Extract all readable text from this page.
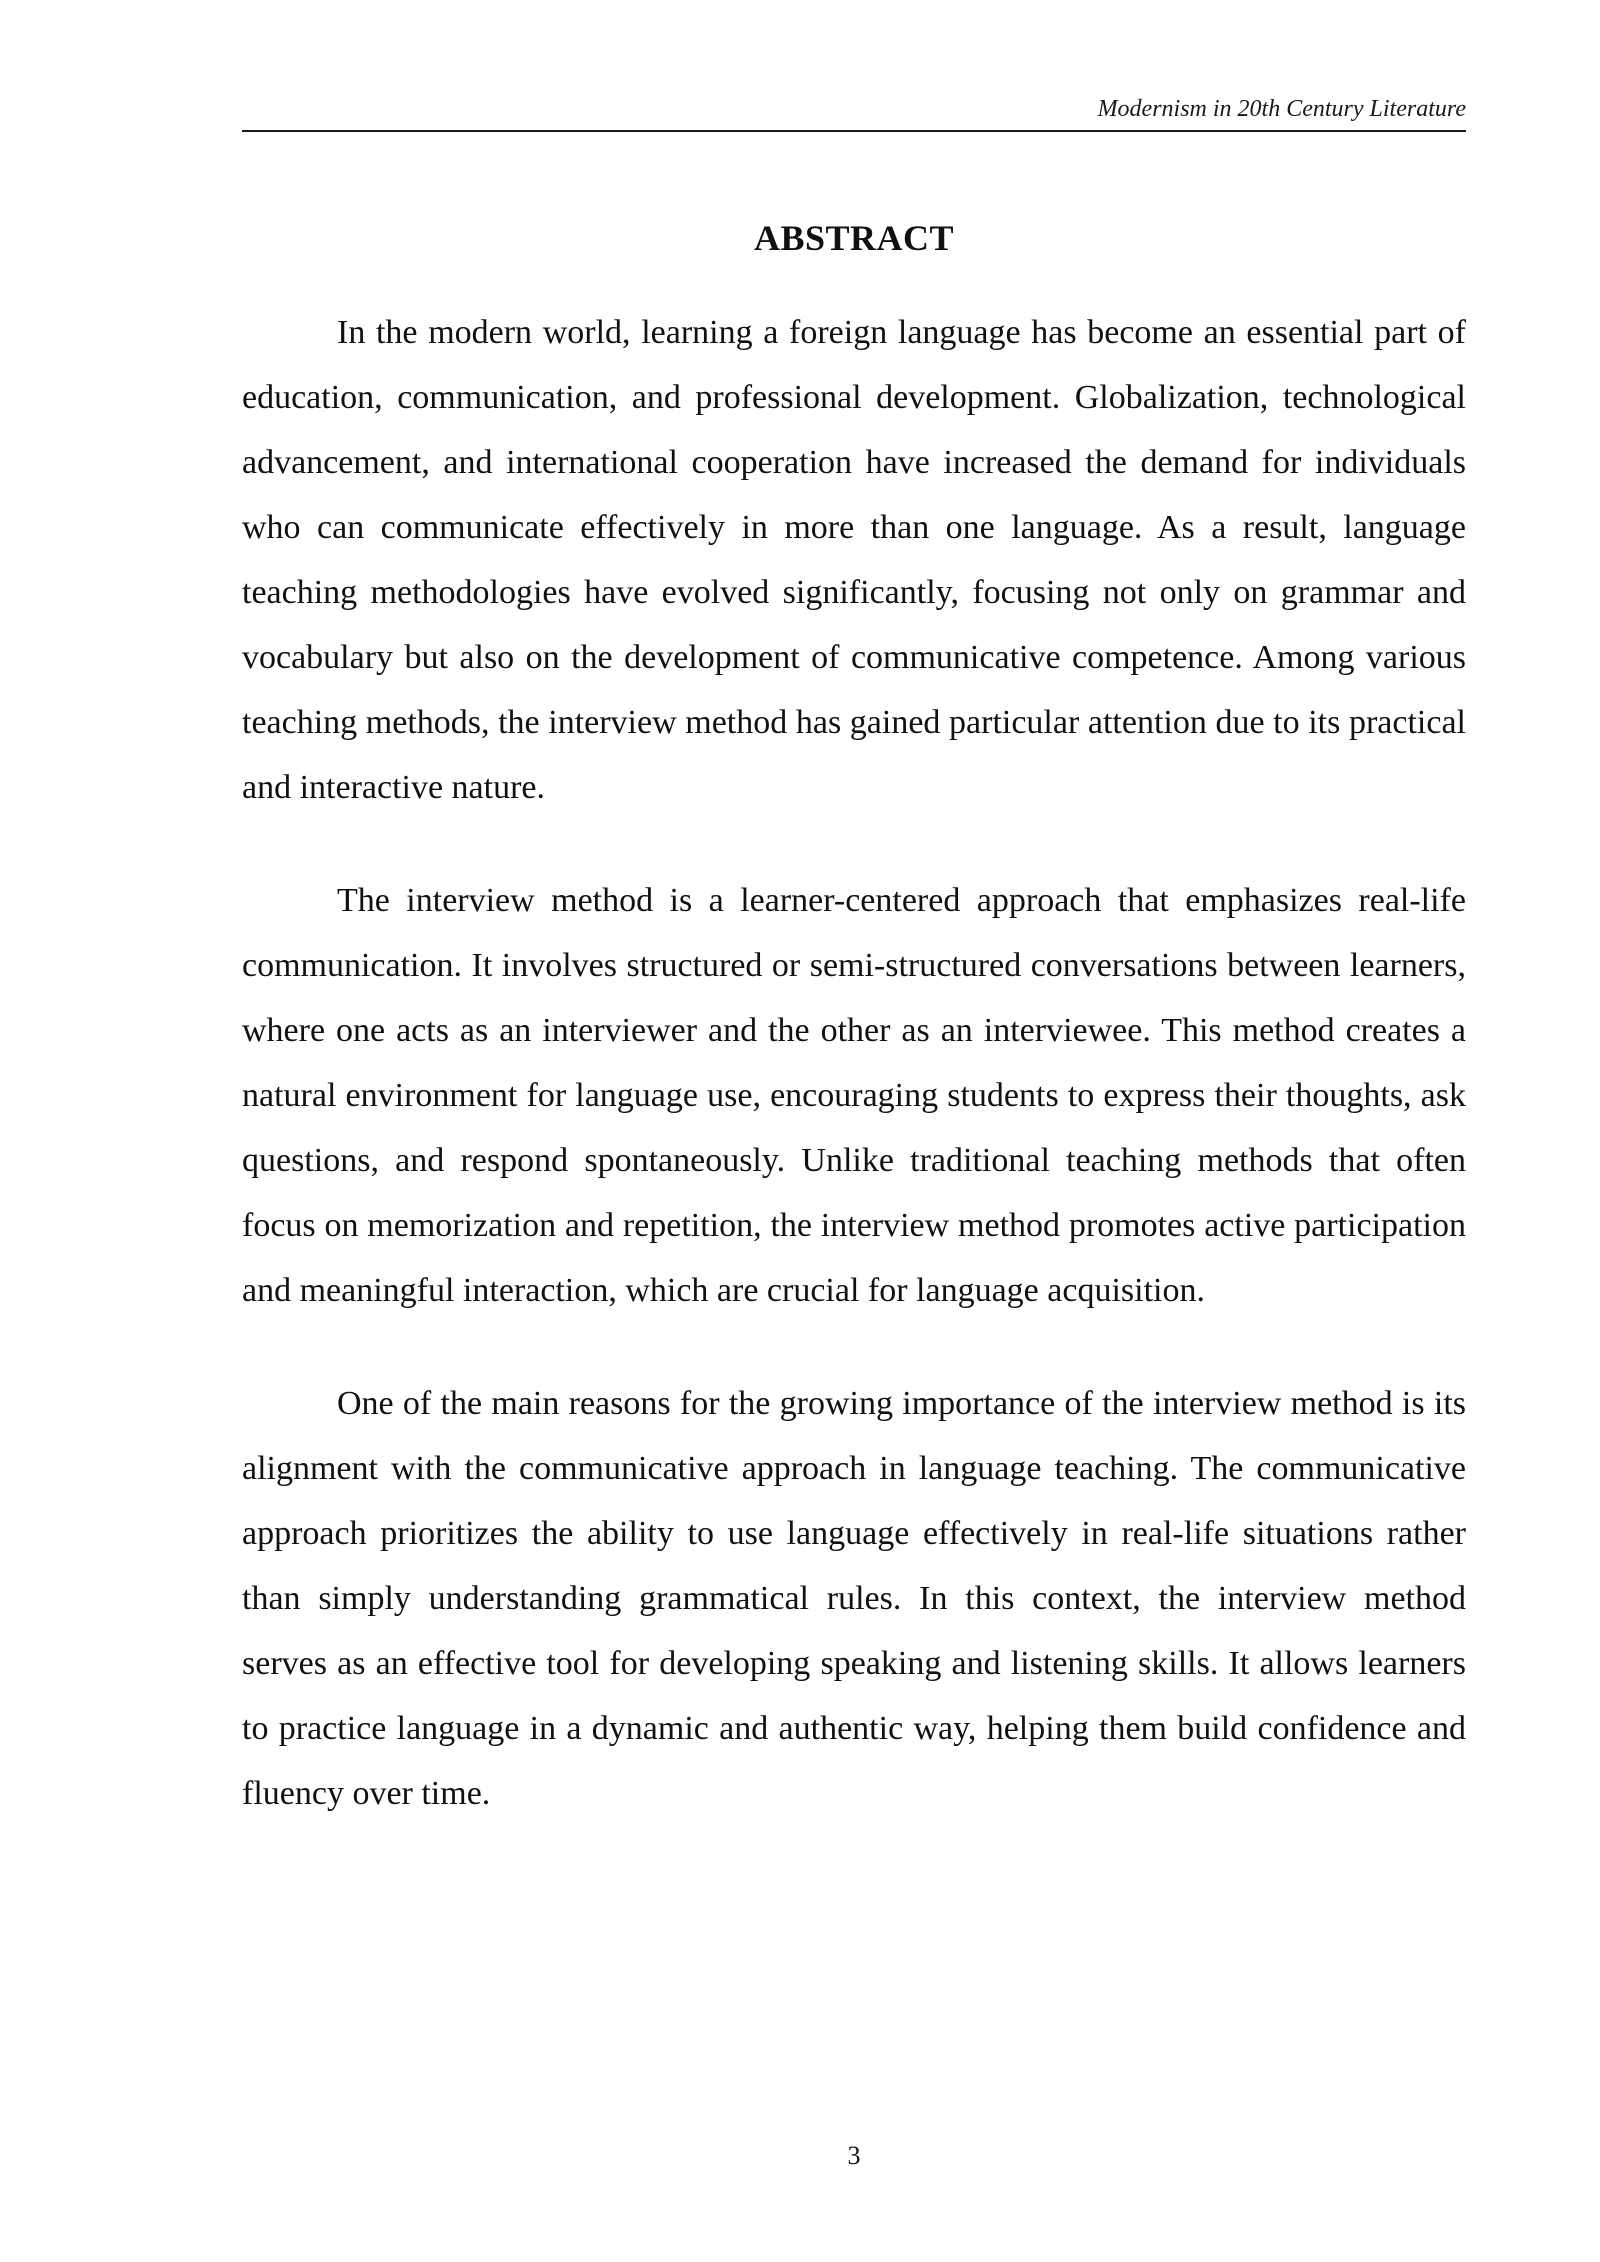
Modernism in 20th Century Literature
ABSTRACT

In the modern world, learning a foreign language has become an essential part of education, communication, and professional development. Globalization, technological advancement, and international cooperation have increased the demand for individuals who can communicate effectively in more than one language. As a result, language teaching methodologies have evolved significantly, focusing not only on grammar and vocabulary but also on the development of communicative competence. Among various teaching methods, the interview method has gained particular attention due to its practical and interactive nature.

The interview method is a learner-centered approach that emphasizes real-life communication. It involves structured or semi-structured conversations between learners, where one acts as an interviewer and the other as an interviewee. This method creates a natural environment for language use, encouraging students to express their thoughts, ask questions, and respond spontaneously. Unlike traditional teaching methods that often focus on memorization and repetition, the interview method promotes active participation and meaningful interaction, which are crucial for language acquisition.

One of the main reasons for the growing importance of the interview method is its alignment with the communicative approach in language teaching. The communicative approach prioritizes the ability to use language effectively in real-life situations rather than simply understanding grammatical rules. In this context, the interview method serves as an effective tool for developing speaking and listening skills. It allows learners to practice language in a dynamic and authentic way, helping them build confidence and fluency over time.

3
